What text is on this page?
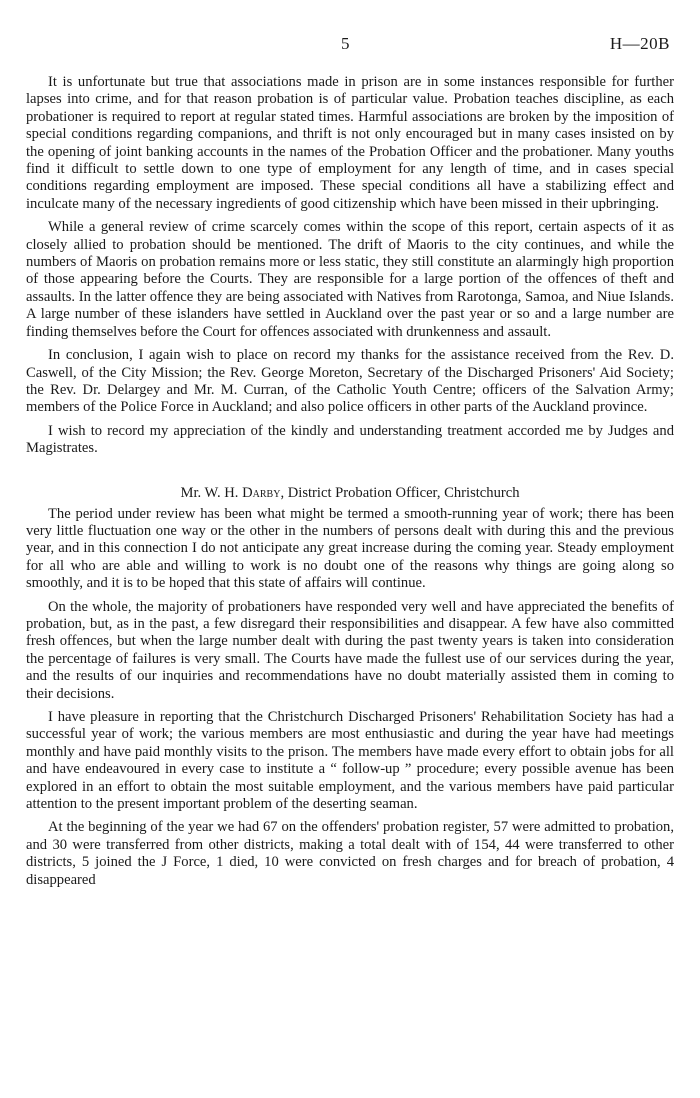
5	H—20B

It is unfortunate but true that associations made in prison are in some instances responsible for further lapses into crime, and for that reason probation is of particular value. Probation teaches discipline, as each probationer is required to report at regular stated times. Harmful associations are broken by the imposition of special conditions regarding companions, and thrift is not only encouraged but in many cases insisted on by the opening of joint banking accounts in the names of the Probation Officer and the probationer. Many youths find it difficult to settle down to one type of employment for any length of time, and in cases special conditions regarding employment are imposed. These special conditions all have a stabilizing effect and inculcate many of the necessary ingredients of good citizenship which have been missed in their upbringing.

While a general review of crime scarcely comes within the scope of this report, certain aspects of it as closely allied to probation should be mentioned. The drift of Maoris to the city continues, and while the numbers of Maoris on probation remains more or less static, they still constitute an alarmingly high proportion of those appearing before the Courts. They are responsible for a large portion of the offences of theft and assaults. In the latter offence they are being associated with Natives from Rarotonga, Samoa, and Niue Islands. A large number of these islanders have settled in Auckland over the past year or so and a large number are finding themselves before the Court for offences associated with drunkenness and assault.

In conclusion, I again wish to place on record my thanks for the assistance received from the Rev. D. Caswell, of the City Mission; the Rev. George Moreton, Secretary of the Discharged Prisoners' Aid Society; the Rev. Dr. Delargey and Mr. M. Curran, of the Catholic Youth Centre; officers of the Salvation Army; members of the Police Force in Auckland; and also police officers in other parts of the Auckland province.

I wish to record my appreciation of the kindly and understanding treatment accorded me by Judges and Magistrates.

Mr. W. H. Darby, District Probation Officer, Christchurch

The period under review has been what might be termed a smooth-running year of work; there has been very little fluctuation one way or the other in the numbers of persons dealt with during this and the previous year, and in this connection I do not anticipate any great increase during the coming year. Steady employment for all who are able and willing to work is no doubt one of the reasons why things are going along so smoothly, and it is to be hoped that this state of affairs will continue.

On the whole, the majority of probationers have responded very well and have appreciated the benefits of probation, but, as in the past, a few disregard their responsibilities and disappear. A few have also committed fresh offences, but when the large number dealt with during the past twenty years is taken into consideration the percentage of failures is very small. The Courts have made the fullest use of our services during the year, and the results of our inquiries and recommendations have no doubt materially assisted them in coming to their decisions.

I have pleasure in reporting that the Christchurch Discharged Prisoners' Rehabilitation Society has had a successful year of work; the various members are most enthusiastic and during the year have had meetings monthly and have paid monthly visits to the prison. The members have made every effort to obtain jobs for all and have endeavoured in every case to institute a “ follow-up ” procedure; every possible avenue has been explored in an effort to obtain the most suitable employment, and the various members have paid particular attention to the present important problem of the deserting seaman.

At the beginning of the year we had 67 on the offenders' probation register, 57 were admitted to probation, and 30 were transferred from other districts, making a total dealt with of 154, 44 were transferred to other districts, 5 joined the J Force, 1 died, 10 were convicted on fresh charges and for breach of probation, 4 disappeared
